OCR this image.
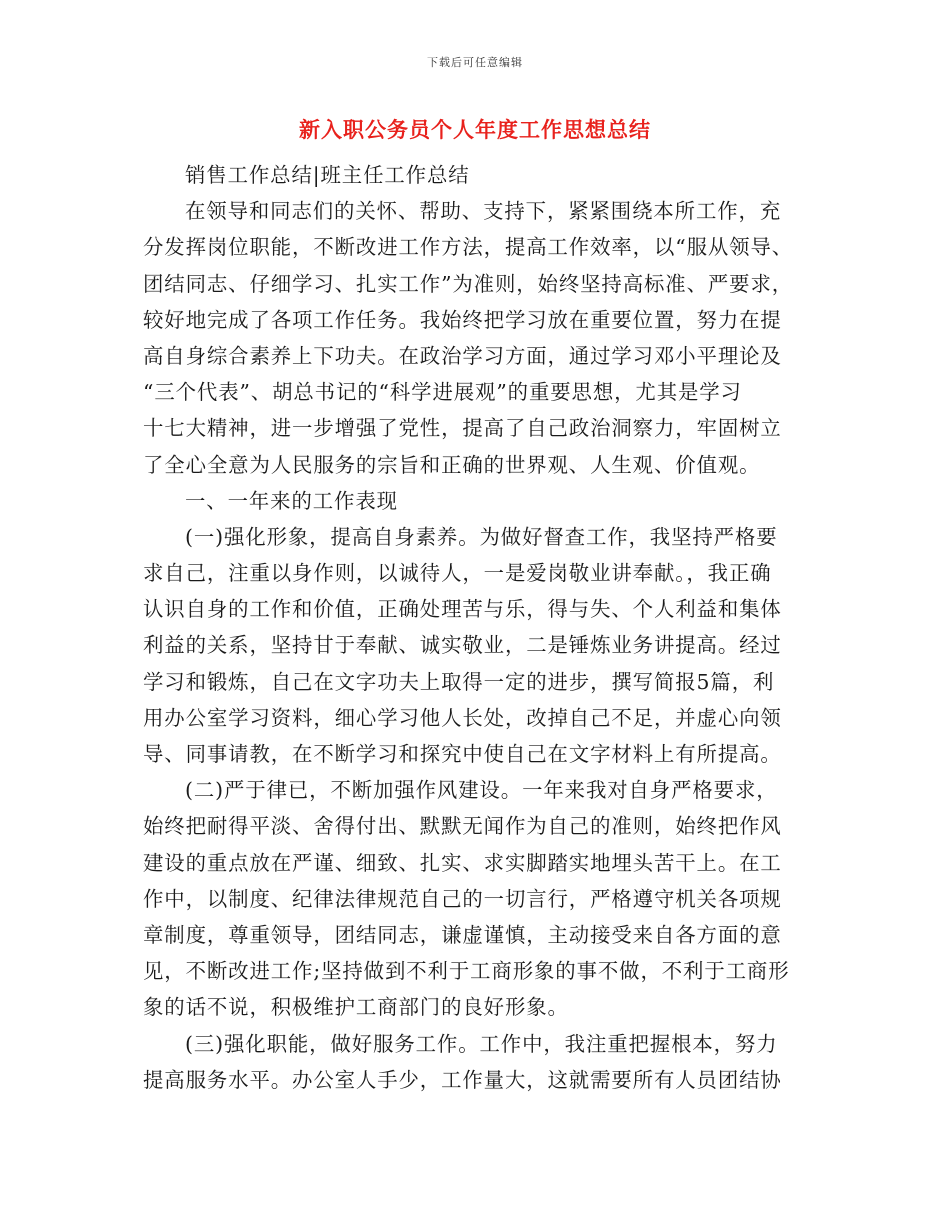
下载后可任意编辑
新入职公务员个人年度工作思想总结
销售工作总结|班主任工作总结
在领导和同志们的关怀、帮助、支持下，紧紧围绕本所工作，充
分发挥岗位职能，不断改进工作方法，提高工作效率，以“服从领导、
团结同志、仔细学习、扎实工作”为准则，始终坚持高标准、严要求，
较好地完成了各项工作任务。我始终把学习放在重要位置，努力在提
高自身综合素养上下功夫。在政治学习方面，通过学习邓小平理论及
“三个代表”、胡总书记的“科学进展观”的重要思想，尤其是学习
十七大精神，进一步增强了党性，提高了自己政治洞察力，牢固树立
了全心全意为人民服务的宗旨和正确的世界观、人生观、价值观。
一、一年来的工作表现
(一)强化形象，提高自身素养。为做好督查工作，我坚持严格要
求自己，注重以身作则，以诚待人，一是爱岗敬业讲奉献。，我正确
认识自身的工作和价值，正确处理苦与乐，得与失、个人利益和集体
利益的关系，坚持甘于奉献、诚实敬业，二是锤炼业务讲提高。经过
学习和锻炼，自己在文字功夫上取得一定的进步，撰写简报5篇，利
用办公室学习资料，细心学习他人长处，改掉自己不足，并虚心向领
导、同事请教，在不断学习和探究中使自己在文字材料上有所提高。
(二)严于律已，不断加强作风建设。一年来我对自身严格要求，
始终把耐得平淡、舍得付出、默默无闻作为自己的准则，始终把作风
建设的重点放在严谨、细致、扎实、求实脚踏实地埋头苦干上。在工
作中，以制度、纪律法律规范自己的一切言行，严格遵守机关各项规
章制度，尊重领导，团结同志，谦虚谨慎，主动接受来自各方面的意
见，不断改进工作;坚持做到不利于工商形象的事不做，不利于工商形
象的话不说，积极维护工商部门的良好形象。
(三)强化职能，做好服务工作。工作中，我注重把握根本，努力
提高服务水平。办公室人手少，工作量大，这就需要所有人员团结协
